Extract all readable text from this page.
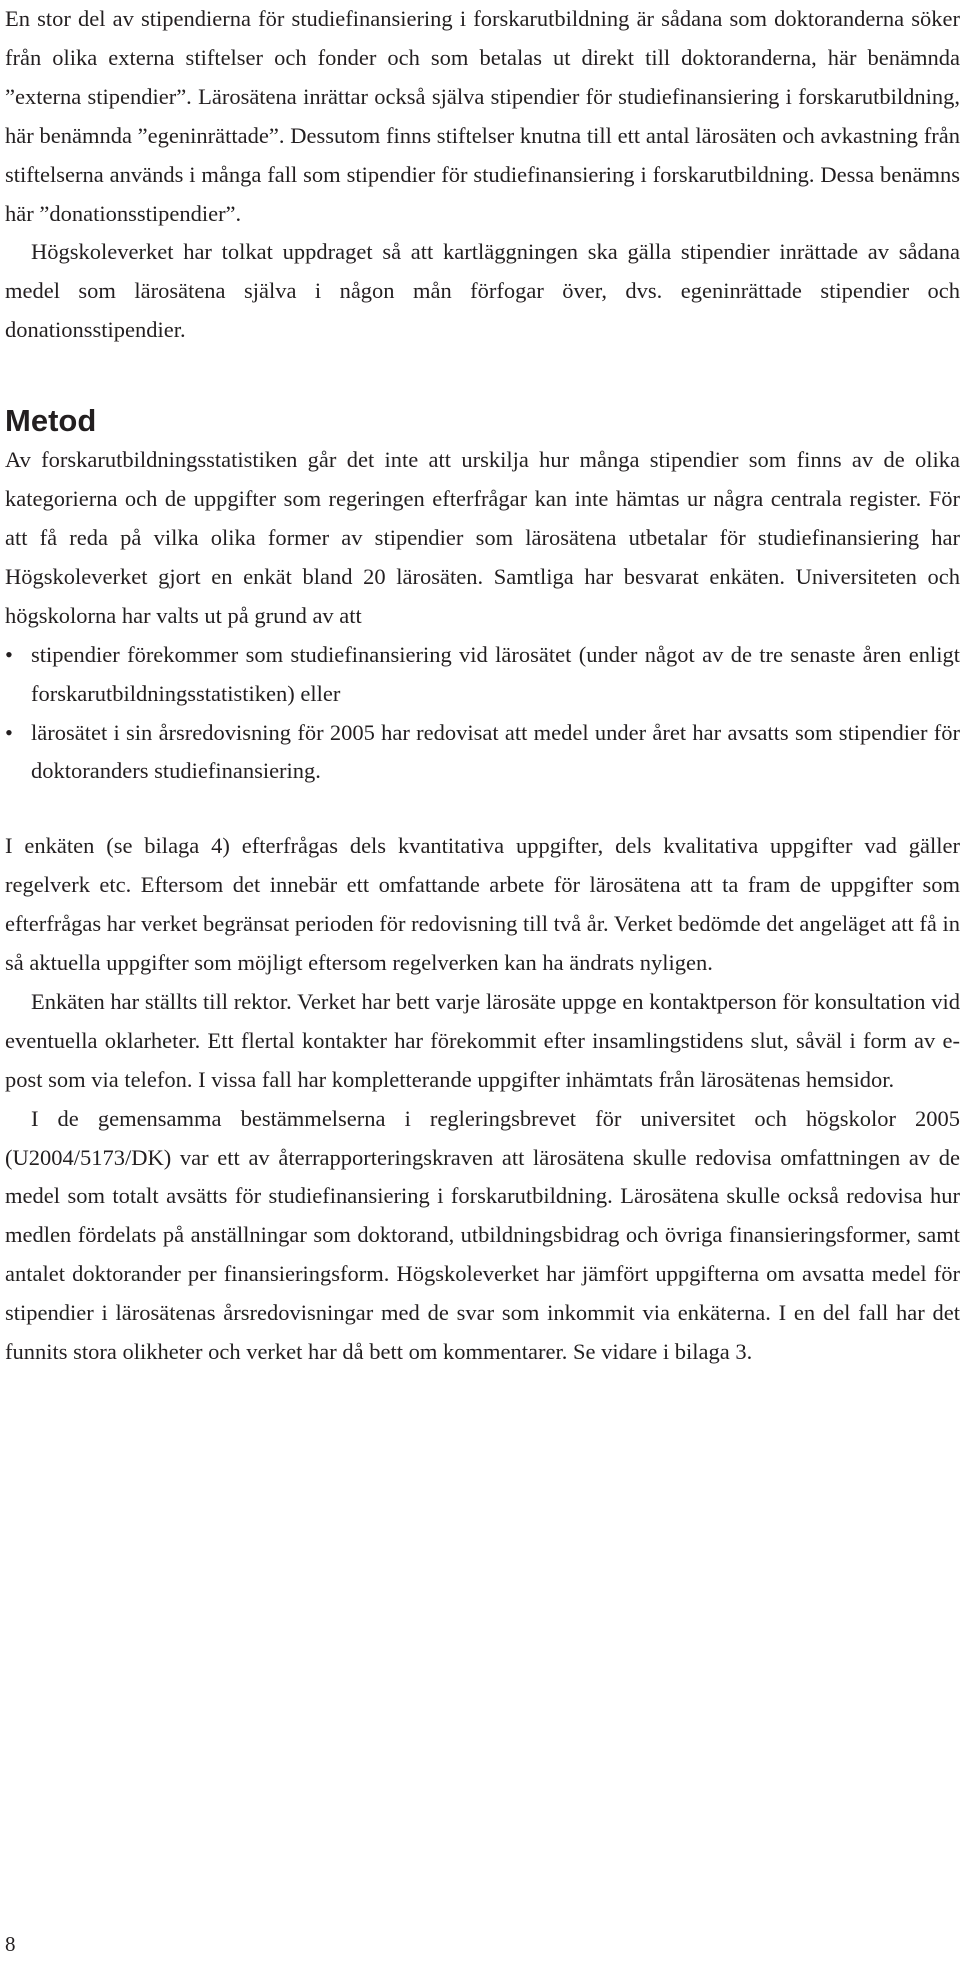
En stor del av stipendierna för studiefinansiering i forskarutbildning är sådana som doktoranderna söker från olika externa stiftelser och fonder och som betalas ut direkt till doktoranderna, här benämnda ”externa stipendier”. Lärosätena inrättar också själva stipendier för studiefinansiering i forskarutbildning, här benämnda ”egeninrättade”. Dessutom finns stiftelser knutna till ett antal lärosäten och avkastning från stiftelserna används i många fall som stipendier för studiefinansiering i forskarutbildning. Dessa benämns här ”donationsstipendier”.

Högskoleverket har tolkat uppdraget så att kartläggningen ska gälla stipendier inrättade av sådana medel som lärosätena själva i någon mån förfogar över, dvs. egeninrättade stipendier och donationsstipendier.

Metod

Av forskarutbildningsstatistiken går det inte att urskilja hur många stipendier som finns av de olika kategorierna och de uppgifter som regeringen efterfrågar kan inte hämtas ur några centrala register. För att få reda på vilka olika former av stipendier som lärosätena utbetalar för studiefinansiering har Högskoleverket gjort en enkät bland 20 lärosäten. Samtliga har besvarat enkäten. Universiteten och högskolorna har valts ut på grund av att

• stipendier förekommer som studiefinansiering vid lärosätet (under något av de tre senaste åren enligt forskarutbildningsstatistiken) eller
• lärosätet i sin årsredovisning för 2005 har redovisat att medel under året har avsatts som stipendier för doktoranders studiefinansiering.

I enkäten (se bilaga 4) efterfrågas dels kvantitativa uppgifter, dels kvalitativa uppgifter vad gäller regelverk etc. Eftersom det innebär ett omfattande arbete för lärosätena att ta fram de uppgifter som efterfrågas har verket begränsat perioden för redovisning till två år. Verket bedömde det angeläget att få in så aktuella uppgifter som möjligt eftersom regelverken kan ha ändrats nyligen.

Enkäten har ställts till rektor. Verket har bett varje lärosäte uppge en kontaktperson för konsultation vid eventuella oklarheter. Ett flertal kontakter har förekommit efter insamlingstidens slut, såväl i form av e-post som via telefon. I vissa fall har kompletterande uppgifter inhämtats från lärosätenas hemsidor.

I de gemensamma bestämmelserna i regleringsbrevet för universitet och högskolor 2005 (U2004/5173/DK) var ett av återrapporteringskraven att lärosätena skulle redovisa omfattningen av de medel som totalt avsätts för studiefinansiering i forskarutbildning. Lärosätena skulle också redovisa hur medlen fördelats på anställningar som doktorand, utbildningsbidrag och övriga finansieringsformer, samt antalet doktorander per finansieringsform. Högskoleverket har jämfört uppgifterna om avsatta medel för stipendier i lärosätenas årsredovisningar med de svar som inkommit via enkäterna. I en del fall har det funnits stora olikheter och verket har då bett om kommentarer. Se vidare i bilaga 3.

8
